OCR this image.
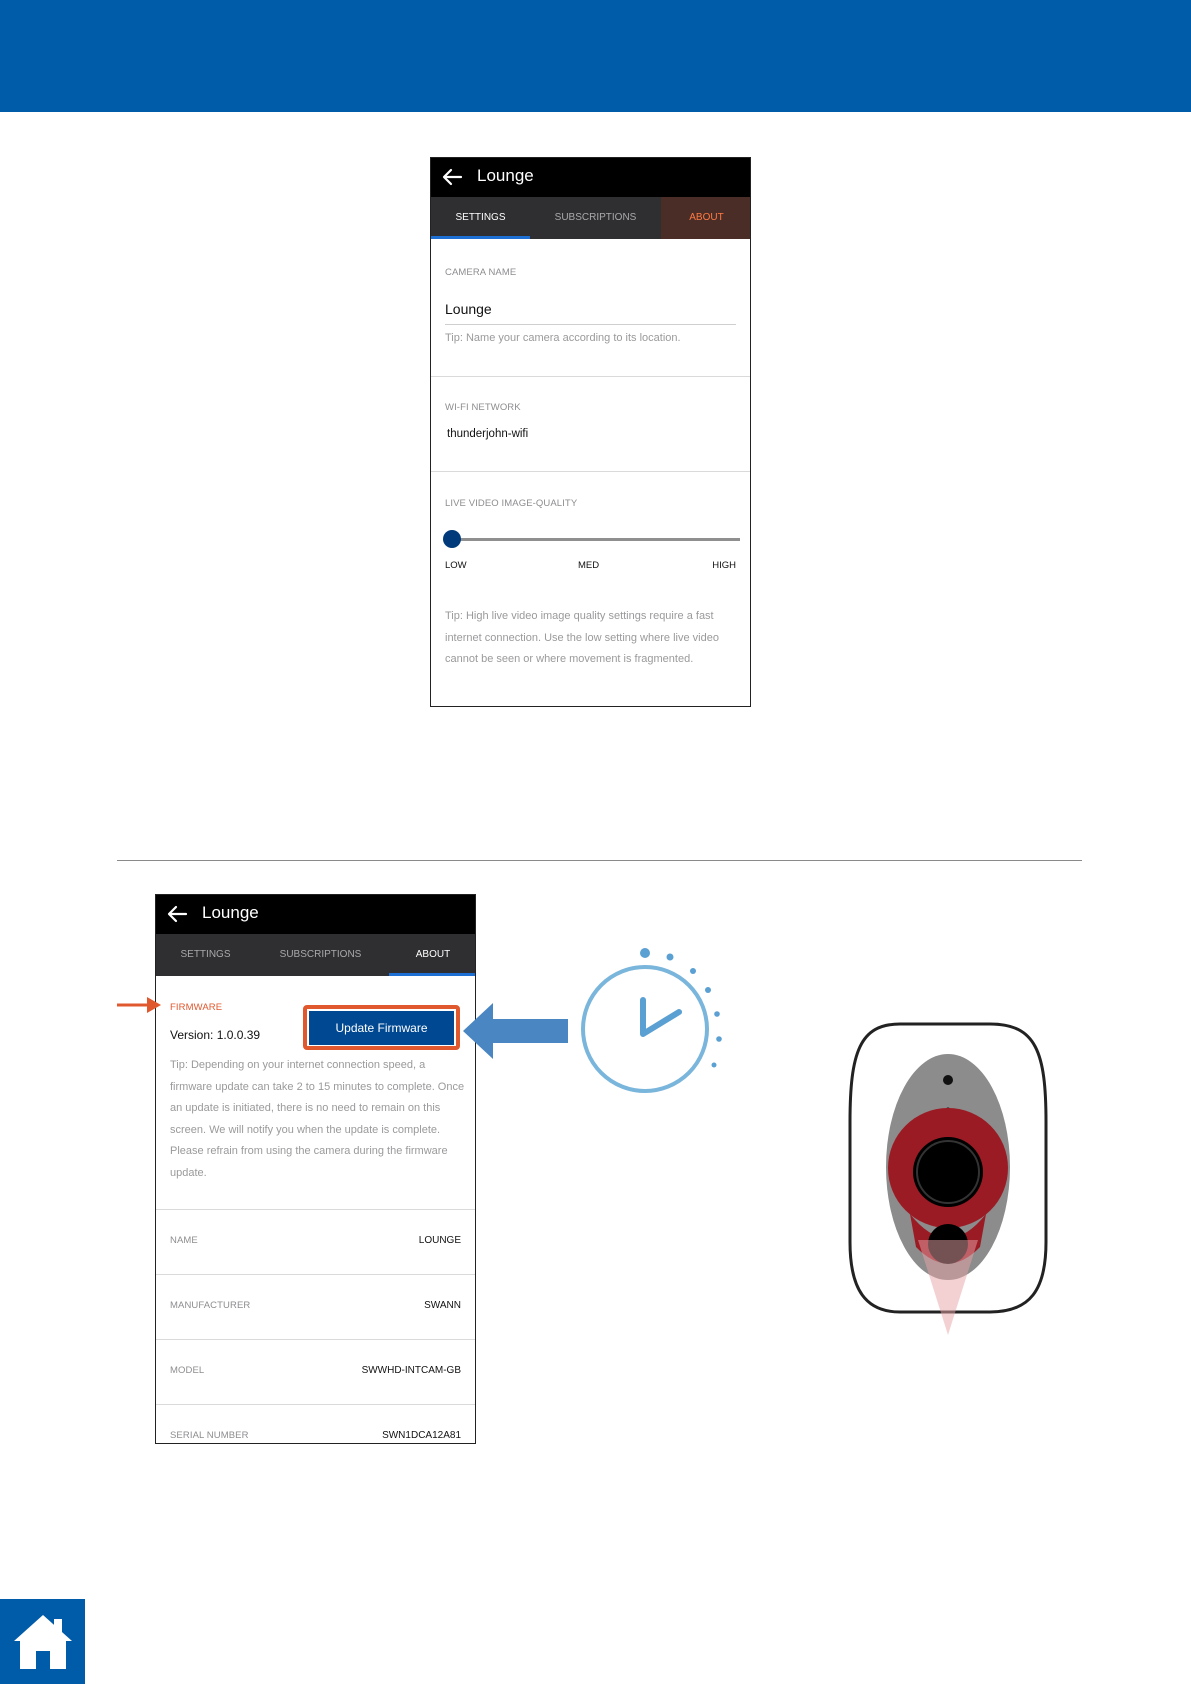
Lounge
SETTINGS	SUBSCRIPTIONS	ABOUT
CAMERA NAME
Lounge
Tip: Name your camera according to its location.
WI-FI NETWORK
thunderjohn-wifi
LIVE VIDEO IMAGE-QUALITY
LOW	MED	HIGH
Tip: High live video image quality settings require a fast internet connection. Use the low setting where live video cannot be seen or where movement is fragmented.
Lounge
SETTINGS	SUBSCRIPTIONS	ABOUT
FIRMWARE
Version: 1.0.0.39
Tip: Depending on your internet connection speed, a firmware update can take 2 to 15 minutes to complete. Once an update is initiated, there is no need to remain on this screen. We will notify you when the update is complete. Please refrain from using the camera during the firmware update.
NAME	LOUNGE
MANUFACTURER	SWANN
MODEL	SWWHD-INTCAM-GB
SERIAL NUMBER	SWN1DCA12A81
Update Firmware
